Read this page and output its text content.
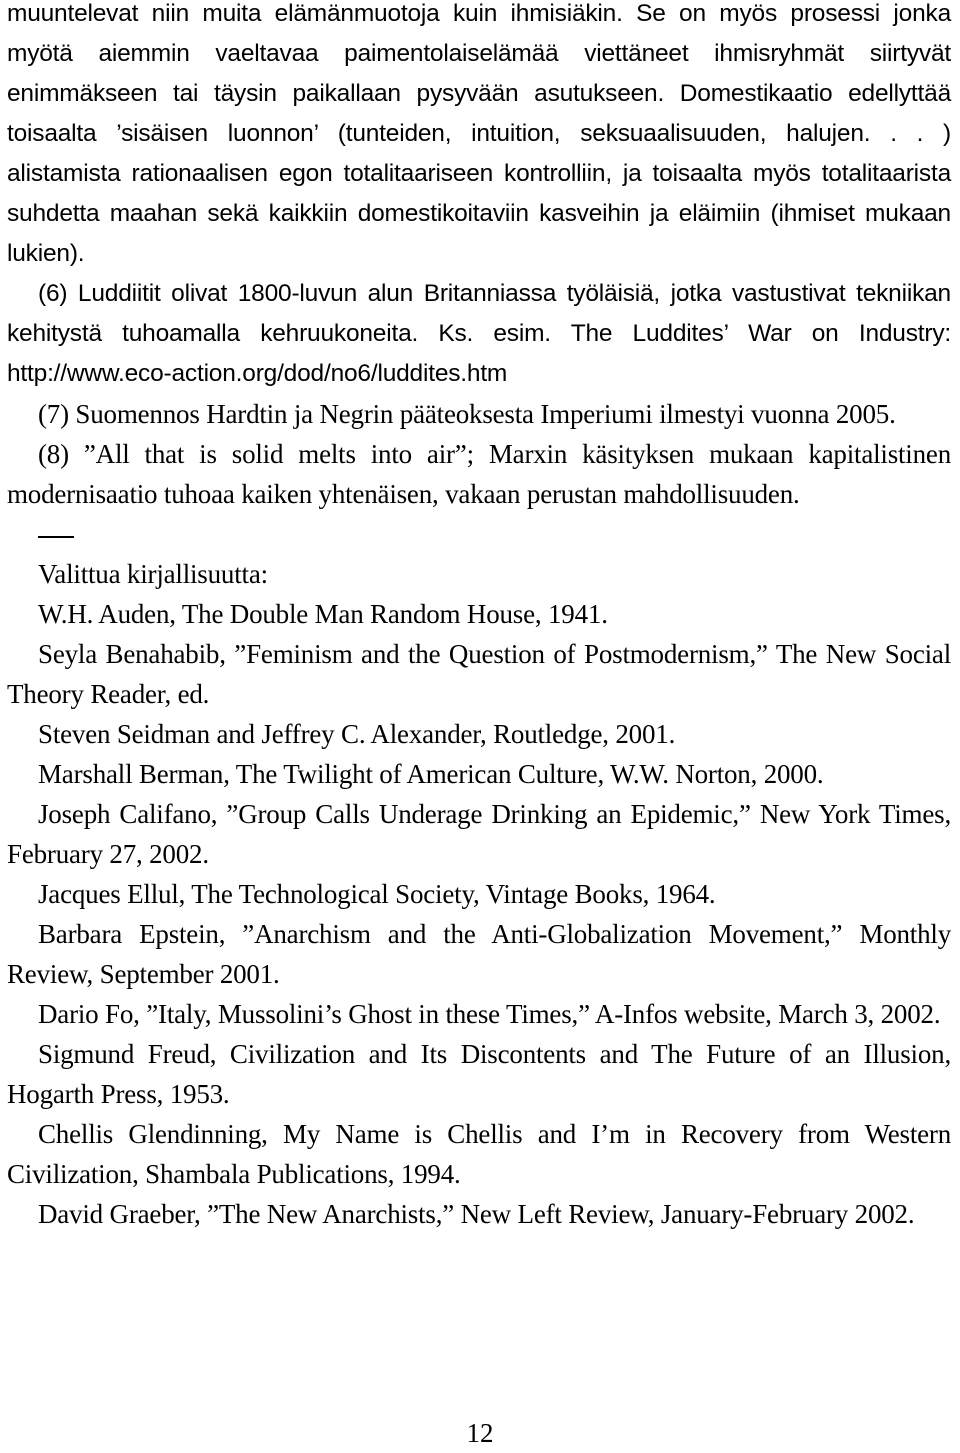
muuntelevat niin muita elämänmuotoja kuin ihmisiäkin. Se on myös prosessi jonka myötä aiemmin vaeltavaa paimentolaiselämää viettäneet ihmisryhmät siirtyvät enimmäkseen tai täysin paikallaan pysyvään asutukseen. Domestikaatio edellyttää toisaalta ’sisäisen luonnon’ (tunteiden, intuition, seksuaalisuuden, halujen. . . ) alistamista rationaalisen egon totalitaariseen kontrolliin, ja toisaalta myös totalitaarista suhdetta maahan sekä kaikkiin domestikoitaviin kasveihin ja eläimiin (ihmiset mukaan lukien).

(6) Luddiitit olivat 1800-luvun alun Britanniassa työläisiä, jotka vastustivat tekniikan kehitystä tuhoamalla kehruukoneita. Ks. esim. The Luddites’ War on Industry: http://www.eco-action.org/dod/no6/luddites.htm

(7) Suomennos Hardtin ja Negrin pääteoksesta Imperiumi ilmestyi vuonna 2005.

(8) ”All that is solid melts into air”; Marxin käsityksen mukaan kapitalistinen modernisaatio tuhoaa kaiken yhtenäisen, vakaan perustan mahdollisuuden.

Valittua kirjallisuutta:

W.H. Auden, The Double Man Random House, 1941.

Seyla Benahabib, ”Feminism and the Question of Postmodernism,” The New Social Theory Reader, ed.

Steven Seidman and Jeffrey C. Alexander, Routledge, 2001.

Marshall Berman, The Twilight of American Culture, W.W. Norton, 2000.

Joseph Califano, ”Group Calls Underage Drinking an Epidemic,” New York Times, February 27, 2002.

Jacques Ellul, The Technological Society, Vintage Books, 1964.

Barbara Epstein, ”Anarchism and the Anti-Globalization Movement,” Monthly Review, September 2001.

Dario Fo, ”Italy, Mussolini’s Ghost in these Times,” A-Infos website, March 3, 2002.

Sigmund Freud, Civilization and Its Discontents and The Future of an Illusion, Hogarth Press, 1953.

Chellis Glendinning, My Name is Chellis and I’m in Recovery from Western Civilization, Shambala Publications, 1994.

David Graeber, ”The New Anarchists,” New Left Review, January-February 2002.

12
